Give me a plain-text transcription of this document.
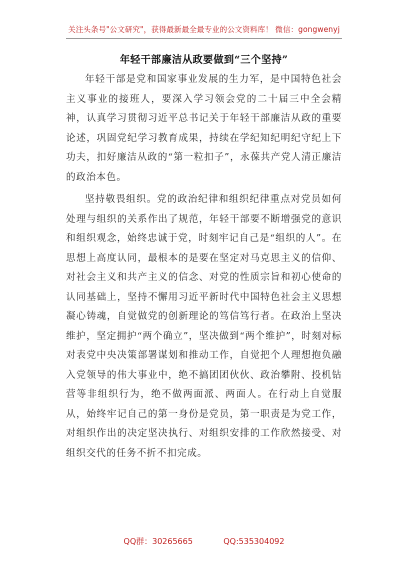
关注头条号"公文研究"，获得最新最全最专业的公文资料库！ 微信：gongwenyj
年轻干部廉洁从政要做到“三个坚持”

年轻干部是党和国家事业发展的生力军，是中国特色社会主义事业的接班人，要深入学习领会党的二十届三中全会精神，认真学习贯彻习近平总书记关于年轻干部廉洁从政的重要论述，巩固党纪学习教育成果，持续在学纪知纪明纪守纪上下功夫，扣好廉洁从政的“第一粒扣子”，永葆共产党人清正廉洁的政治本色。

坚持敬畏组织。党的政治纪律和组织纪律重点对党员如何处理与组织的关系作出了规范，年轻干部要不断增强党的意识和组织观念，始终忠诚于党，时刻牢记自己是“组织的人”。在思想上高度认同，最根本的是要在坚定对马克思主义的信仰、对社会主义和共产主义的信念、对党的性质宗旨和初心使命的认同基础上，坚持不懈用习近平新时代中国特色社会主义思想凝心铸魂，自觉做党的创新理论的笃信笃行者。在政治上坚决维护，坚定拥护“两个确立”，坚决做到“两个维护”，时刻对标对表党中央决策部署谋划和推动工作，自觉把个人理想抱负融入党领导的伟大事业中，绝不搞团团伙伙、政治攀附、投机钻营等非组织行为，绝不做两面派、两面人。在行动上自觉服从，始终牢记自己的第一身份是党员，第一职责是为党工作，对组织作出的决定坚决执行、对组织安排的工作欣然接受、对组织交代的任务不折不扣完成。

QQ群：30265665	QQ:535304092
